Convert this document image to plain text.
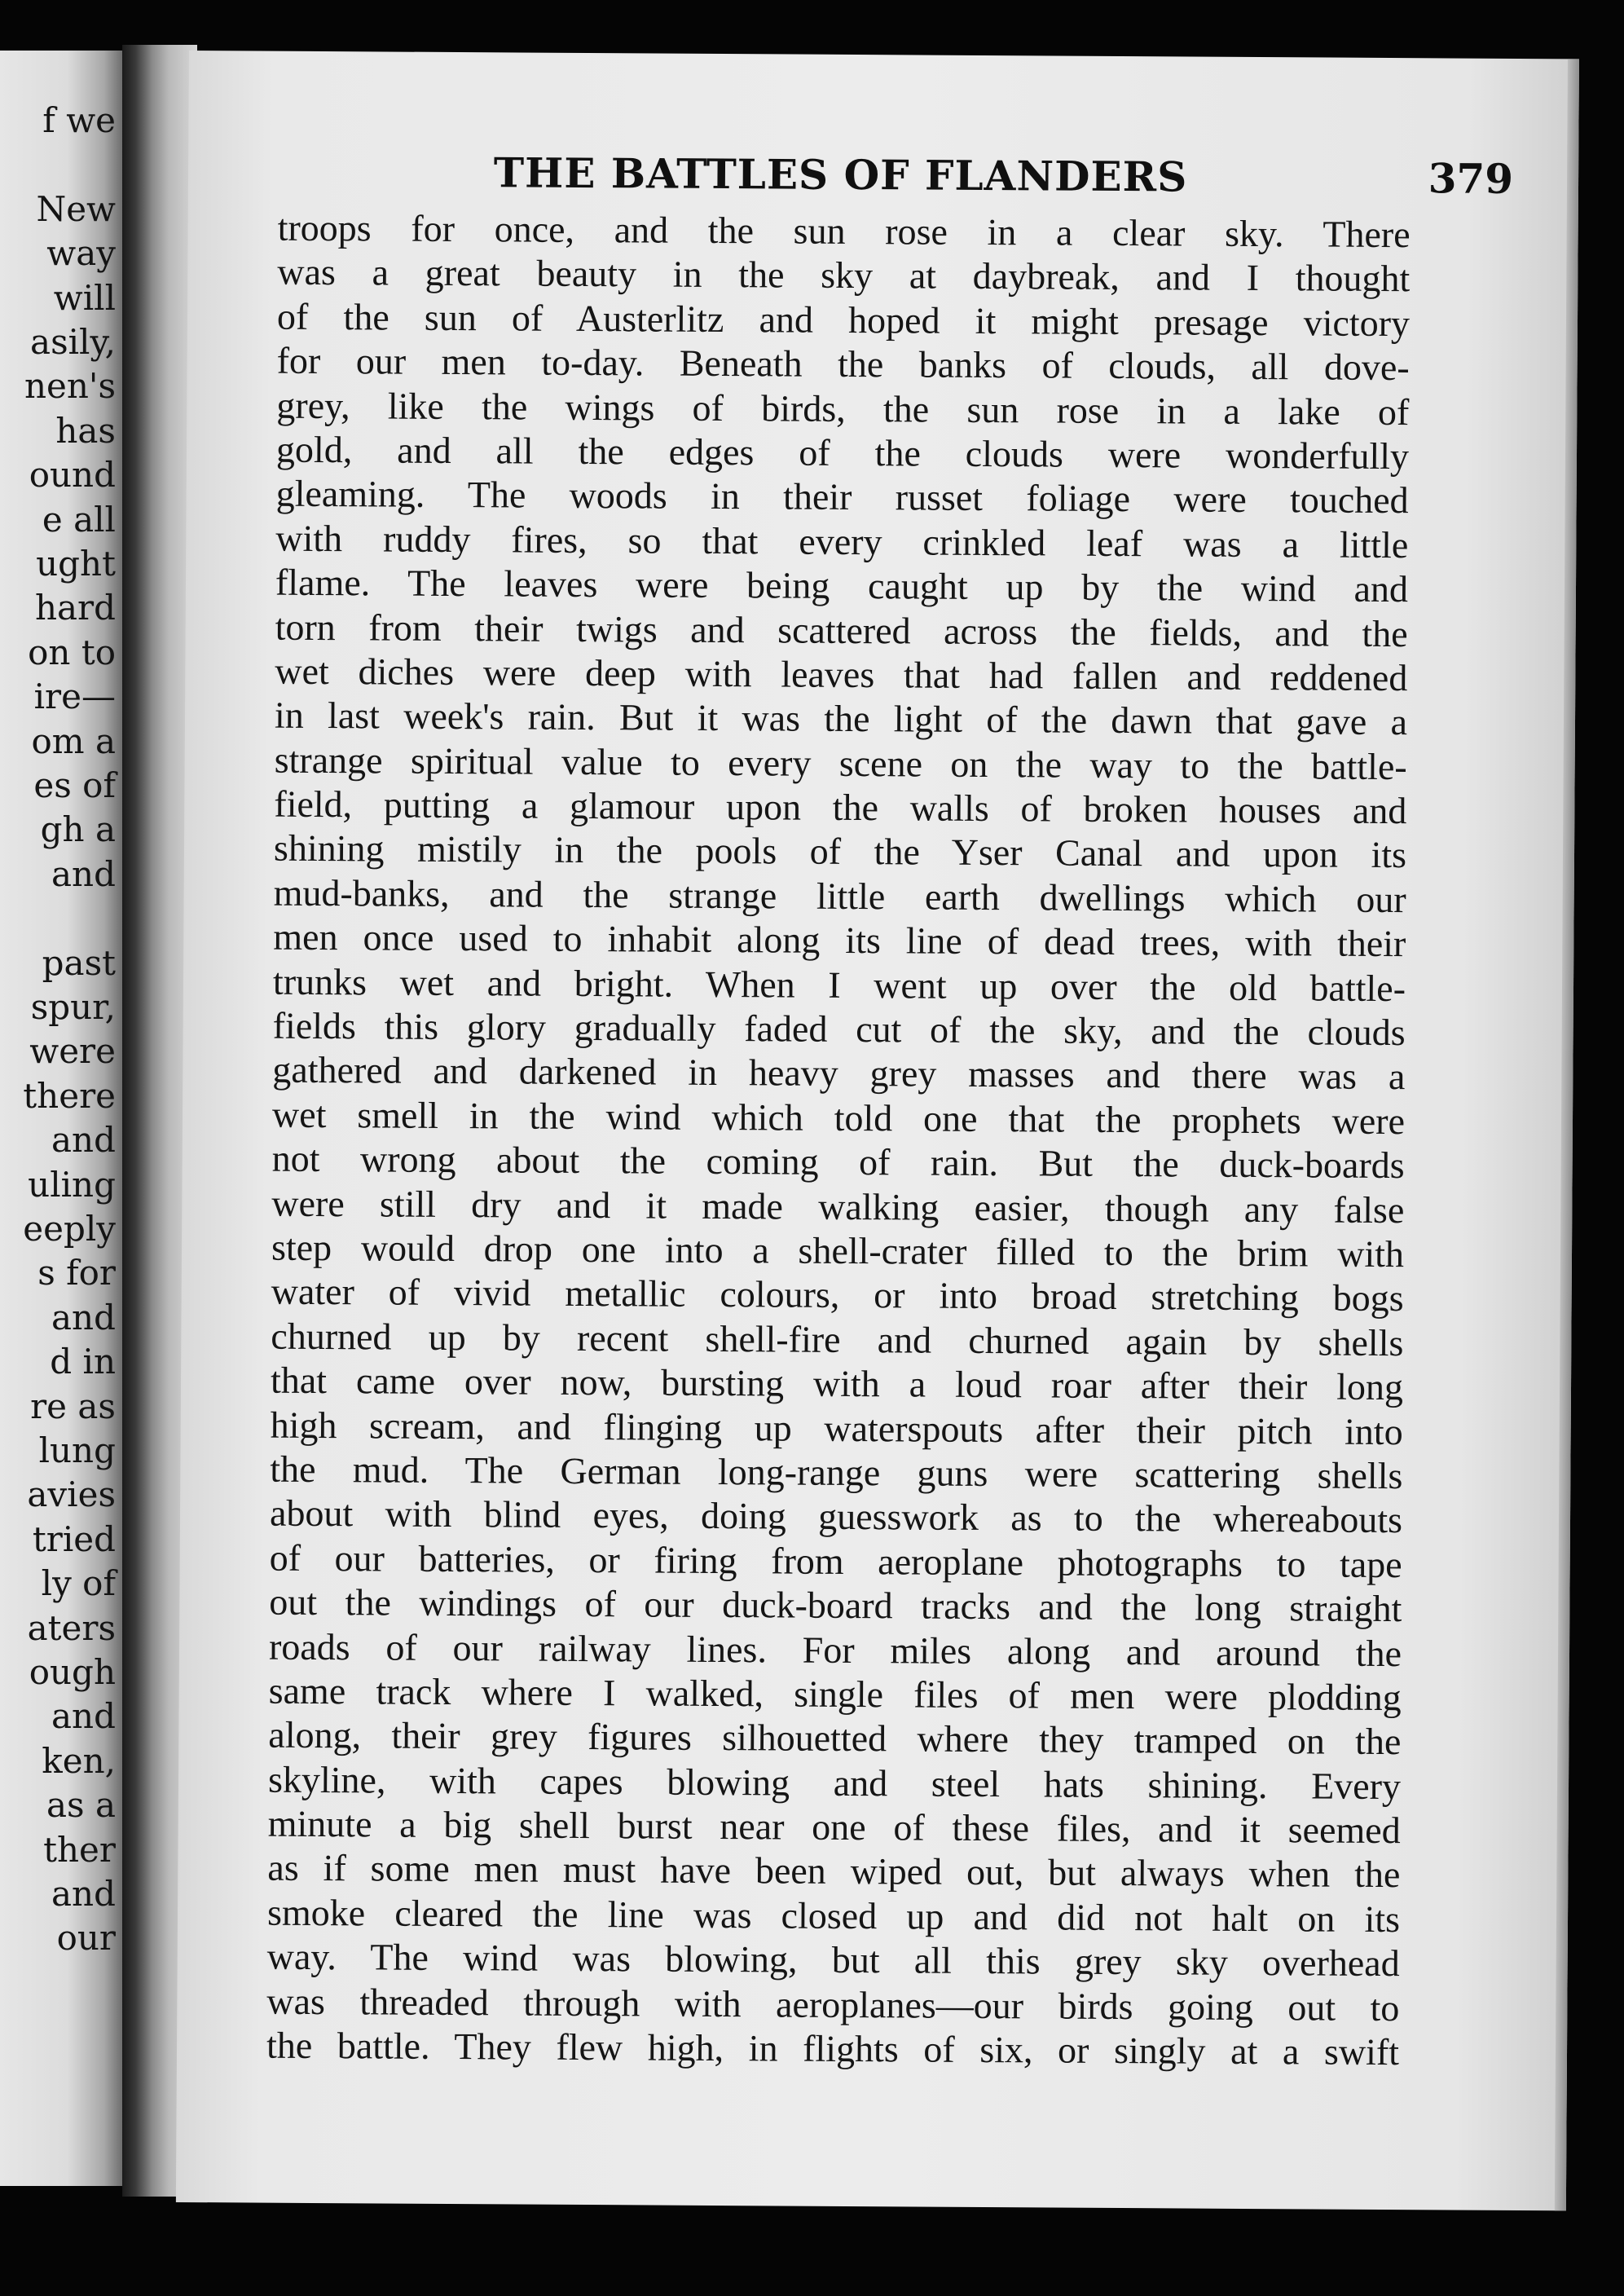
f we
New
way
will
asily,
nen's
has
ound
e all
ught
hard
on to
ire—
om a
es of
gh a
and
past
spur,
were
there
and
uling
eeply
s for
and
d in
re as
lung
avies
tried
ly of
aters
ough
and
ken,
as a
ther
and
our
THE BATTLES OF FLANDERS	379
troops for once, and the sun rose in a clear sky. There
was a great beauty in the sky at daybreak, and I thought
of the sun of Austerlitz and hoped it might presage victory
for our men to-day. Beneath the banks of clouds, all dove-
grey, like the wings of birds, the sun rose in a lake of
gold, and all the edges of the clouds were wonderfully
gleaming. The woods in their russet foliage were touched
with ruddy fires, so that every crinkled leaf was a little
flame. The leaves were being caught up by the wind and
torn from their twigs and scattered across the fields, and the
wet diches were deep with leaves that had fallen and reddened
in last week's rain. But it was the light of the dawn that gave a
strange spiritual value to every scene on the way to the battle-
field, putting a glamour upon the walls of broken houses and
shining mistily in the pools of the Yser Canal and upon its
mud-banks, and the strange little earth dwellings which our
men once used to inhabit along its line of dead trees, with their
trunks wet and bright. When I went up over the old battle-
fields this glory gradually faded cut of the sky, and the clouds
gathered and darkened in heavy grey masses and there was a
wet smell in the wind which told one that the prophets were
not wrong about the coming of rain. But the duck-boards
were still dry and it made walking easier, though any false
step would drop one into a shell-crater filled to the brim with
water of vivid metallic colours, or into broad stretching bogs
churned up by recent shell-fire and churned again by shells
that came over now, bursting with a loud roar after their long
high scream, and flinging up waterspouts after their pitch into
the mud. The German long-range guns were scattering shells
about with blind eyes, doing guesswork as to the whereabouts
of our batteries, or firing from aeroplane photographs to tape
out the windings of our duck-board tracks and the long straight
roads of our railway lines. For miles along and around the
same track where I walked, single files of men were plodding
along, their grey figures silhouetted where they tramped on the
skyline, with capes blowing and steel hats shining. Every
minute a big shell burst near one of these files, and it seemed
as if some men must have been wiped out, but always when the
smoke cleared the line was closed up and did not halt on its
way. The wind was blowing, but all this grey sky overhead
was threaded through with aeroplanes—our birds going out to
the battle. They flew high, in flights of six, or singly at a swift
